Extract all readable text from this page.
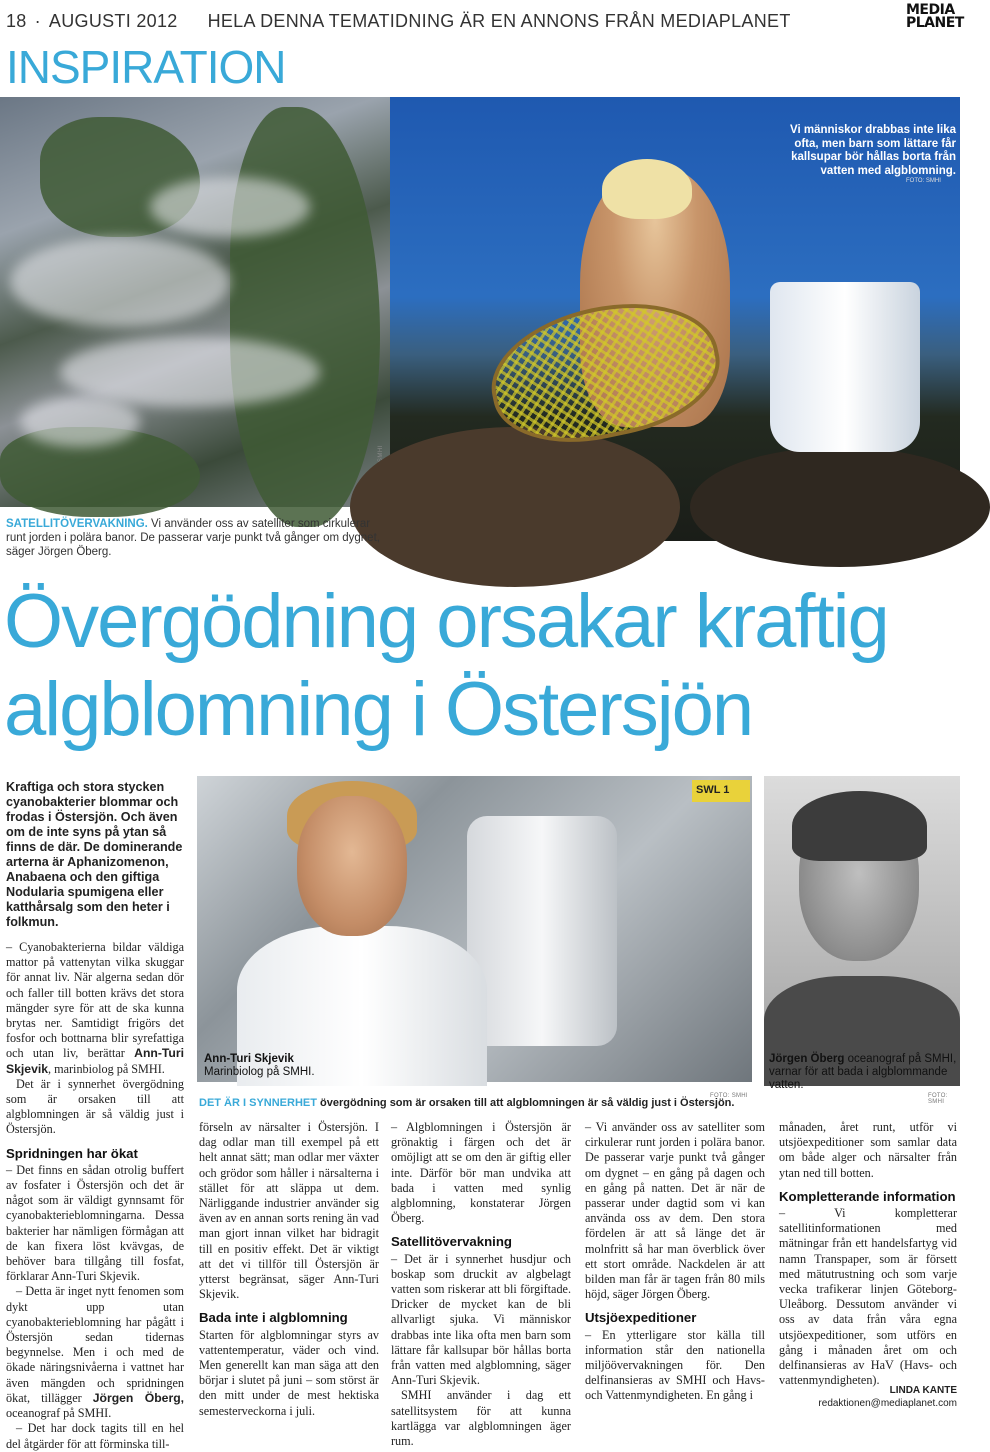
18 · AUGUSTI 2012 HELA DENNA TEMATIDNING ÄR EN ANNONS FRÅN MEDIAPLANET
MEDIA
PLANET
INSPIRATION
Vi människor drabbas inte lika ofta, men barn som lättare får kallsupar bör hållas borta från vatten med algblomning.
FOTO: SMHI
SATELLITÖVERVAKNING. Vi använder oss av satelliter som cirkulerar runt jorden i polära banor. De passerar varje punkt två gånger om dygnet, säger Jörgen Öberg.
Övergödning orsakar kraftig algblomning i Östersjön
Kraftiga och stora stycken cyanobakterier blommar och frodas i Östersjön. Och även om de inte syns på ytan så finns de där. De dominerande arterna är Aphanizomenon, Anabaena och den giftiga Nodularia spumigena eller katthårsalg som den heter i folkmun.
SWL 1
Ann-Turi Skjevik
Marinbiolog på SMHI.
FOTO: SMHI
Jörgen Öberg oceanograf på SMHI, varnar för att bada i algblommande vatten.
FOTO: SMHI
DET ÄR I SYNNERHET övergödning som är orsaken till att algblomningen är så väldig just i Östersjön.

– Cyanobakterierna bildar väldiga mattor på vattenytan vilka skuggar för annat liv. När algerna sedan dör och faller till botten krävs det stora mängder syre för att de ska kunna brytas ner. Samtidigt frigörs det fosfor och bottnarna blir syrefattiga och utan liv, berättar Ann-Turi Skjevik, marinbiolog på SMHI.

Det är i synnerhet övergödning som är orsaken till att algblomningen är så väldig just i Östersjön.

Spridningen har ökat

– Det finns en sådan otrolig buffert av fosfater i Östersjön och det är något som är väldigt gynnsamt för cyanobakterieblomningarna. Dessa bakterier har nämligen förmågan att de kan fixera löst kvävgas, de behöver bara tillgång till fosfat, förklarar Ann-Turi Skjevik.

– Detta är inget nytt fenomen som dykt upp utan cyanobakterieblomning har pågått i Östersjön sedan tidernas begynnelse. Men i och med de ökade näringsnivåerna i vattnet har även mängden och spridningen ökat, tillägger Jörgen Öberg, oceanograf på SMHI.

– Det har dock tagits till en hel del åtgärder för att förminska till-

förseln av närsalter i Östersjön. I dag odlar man till exempel på ett helt annat sätt; man odlar mer växter och grödor som håller i närsalterna i stället för att släppa ut dem. Närliggande industrier använder sig även av en annan sorts rening än vad man gjort innan vilket har bidragit till en positiv effekt. Det är viktigt att det vi tillför till Östersjön är ytterst begränsat, säger Ann-Turi Skjevik.

Bada inte i algblomning

Starten för algblomningar styrs av vattentemperatur, väder och vind. Men generellt kan man säga att den börjar i slutet på juni – som störst är den mitt under de mest hektiska semesterveckorna i juli.

– Algblomningen i Östersjön är grönaktig i färgen och det är omöjligt att se om den är giftig eller inte. Därför bör man undvika att bada i vatten med synlig algblomning, konstaterar Jörgen Öberg.

Satellitövervakning

– Det är i synnerhet husdjur och boskap som druckit av algbelagt vatten som riskerar att bli förgiftade. Dricker de mycket kan de bli allvarligt sjuka. Vi människor drabbas inte lika ofta men barn som lättare får kallsupar bör hållas borta från vatten med algblomning, säger Ann-Turi Skjevik.

SMHI använder i dag ett satellitsystem för att kunna kartlägga var algblomningen äger rum.

– Vi använder oss av satelliter som cirkulerar runt jorden i polära banor. De passerar varje punkt två gånger om dygnet – en gång på dagen och en gång på natten. Det är när de passerar under dagtid som vi kan använda oss av dem. Den stora fördelen är att så länge det är molnfritt så har man överblick över ett stort område. Nackdelen är att bilden man får är tagen från 80 mils höjd, säger Jörgen Öberg.

Utsjöexpeditioner

– En ytterligare stor källa till information står den nationella miljöövervakningen för. Den delfinansieras av SMHI och Havs- och Vattenmyndigheten. En gång i

månaden, året runt, utför vi utsjöexpeditioner som samlar data om både alger och närsalter från ytan ned till botten.

Kompletterande information

– Vi kompletterar satellitinformationen med mätningar från ett handelsfartyg vid namn Transpaper, som är försett med mätutrustning och som varje vecka trafikerar linjen Göteborg-Uleåborg. Dessutom använder vi oss av data från våra egna utsjöexpeditioner, som utförs en gång i månaden året om och delfinansieras av HaV (Havs- och vattenmyndigheten).

LINDA KANTE
redaktionen@mediaplanet.com
